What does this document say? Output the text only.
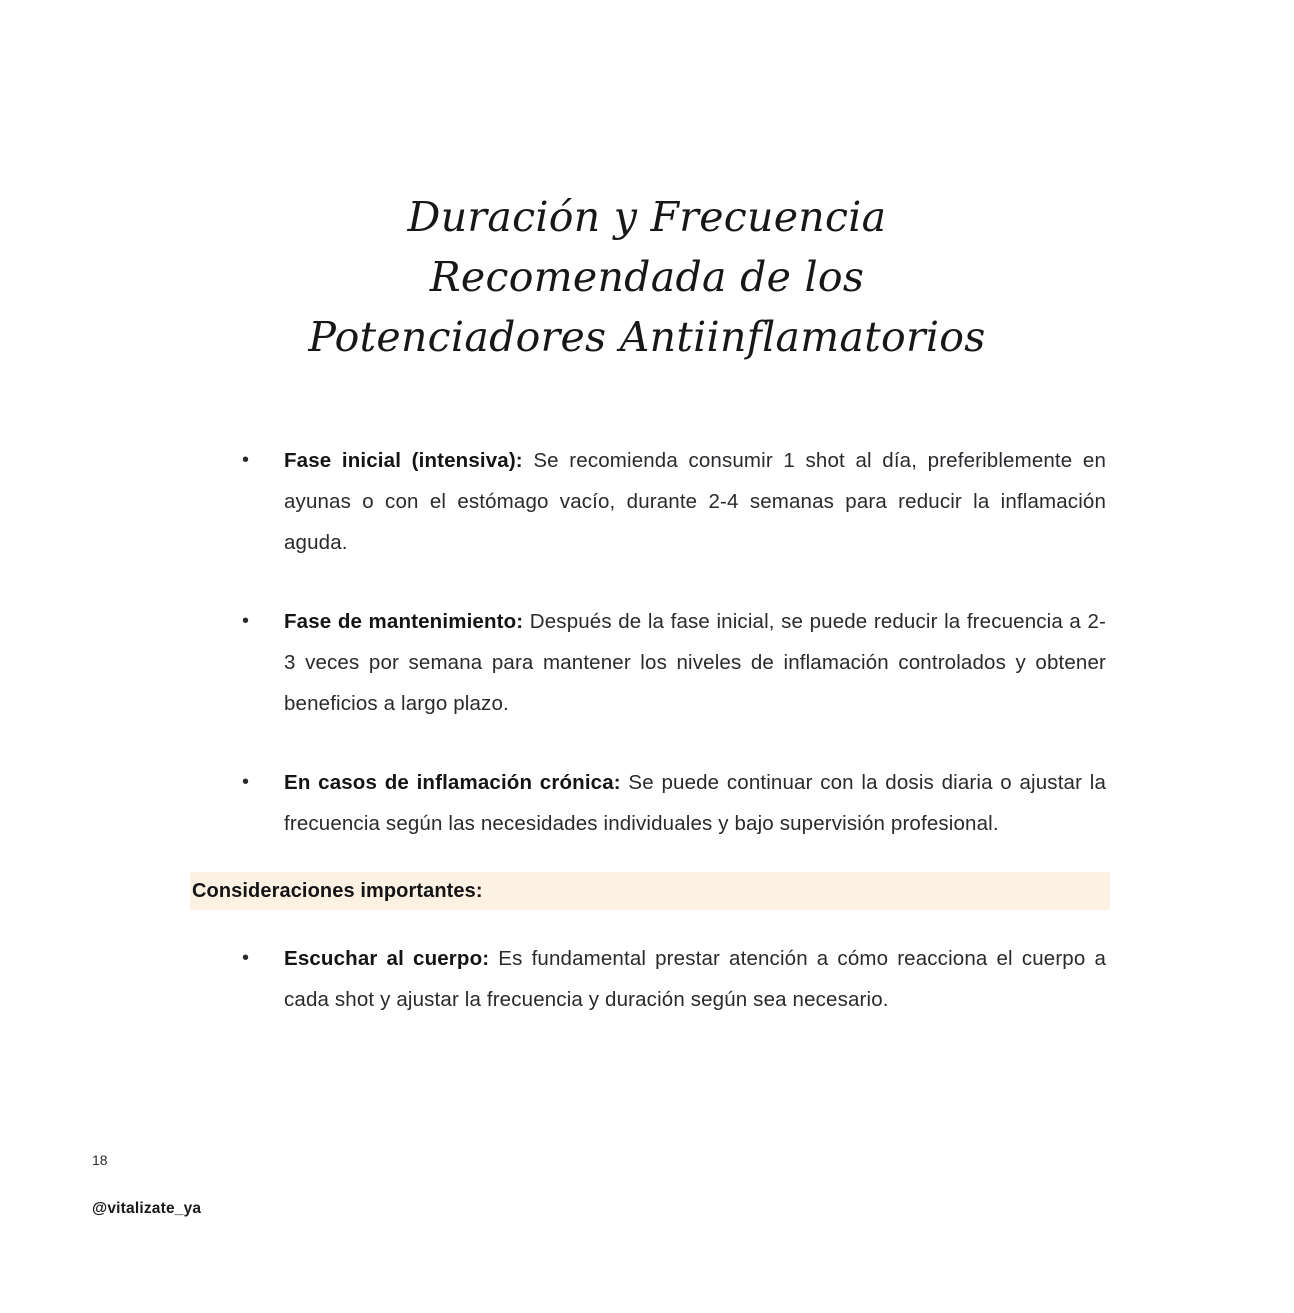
Duración y Frecuencia
Recomendada de los
Potenciadores Antiinflamatorios
• Fase inicial (intensiva): Se recomienda consumir 1 shot al día, preferiblemente en ayunas o con el estómago vacío, durante 2-4 semanas para reducir la inflamación aguda.
• Fase de mantenimiento: Después de la fase inicial, se puede reducir la frecuencia a 2-3 veces por semana para mantener los niveles de inflamación controlados y obtener beneficios a largo plazo.
• En casos de inflamación crónica: Se puede continuar con la dosis diaria o ajustar la frecuencia según las necesidades individuales y bajo supervisión profesional.
Consideraciones importantes:
• Escuchar al cuerpo: Es fundamental prestar atención a cómo reacciona el cuerpo a cada shot y ajustar la frecuencia y duración según sea necesario.
18
@vitalizate_ya
